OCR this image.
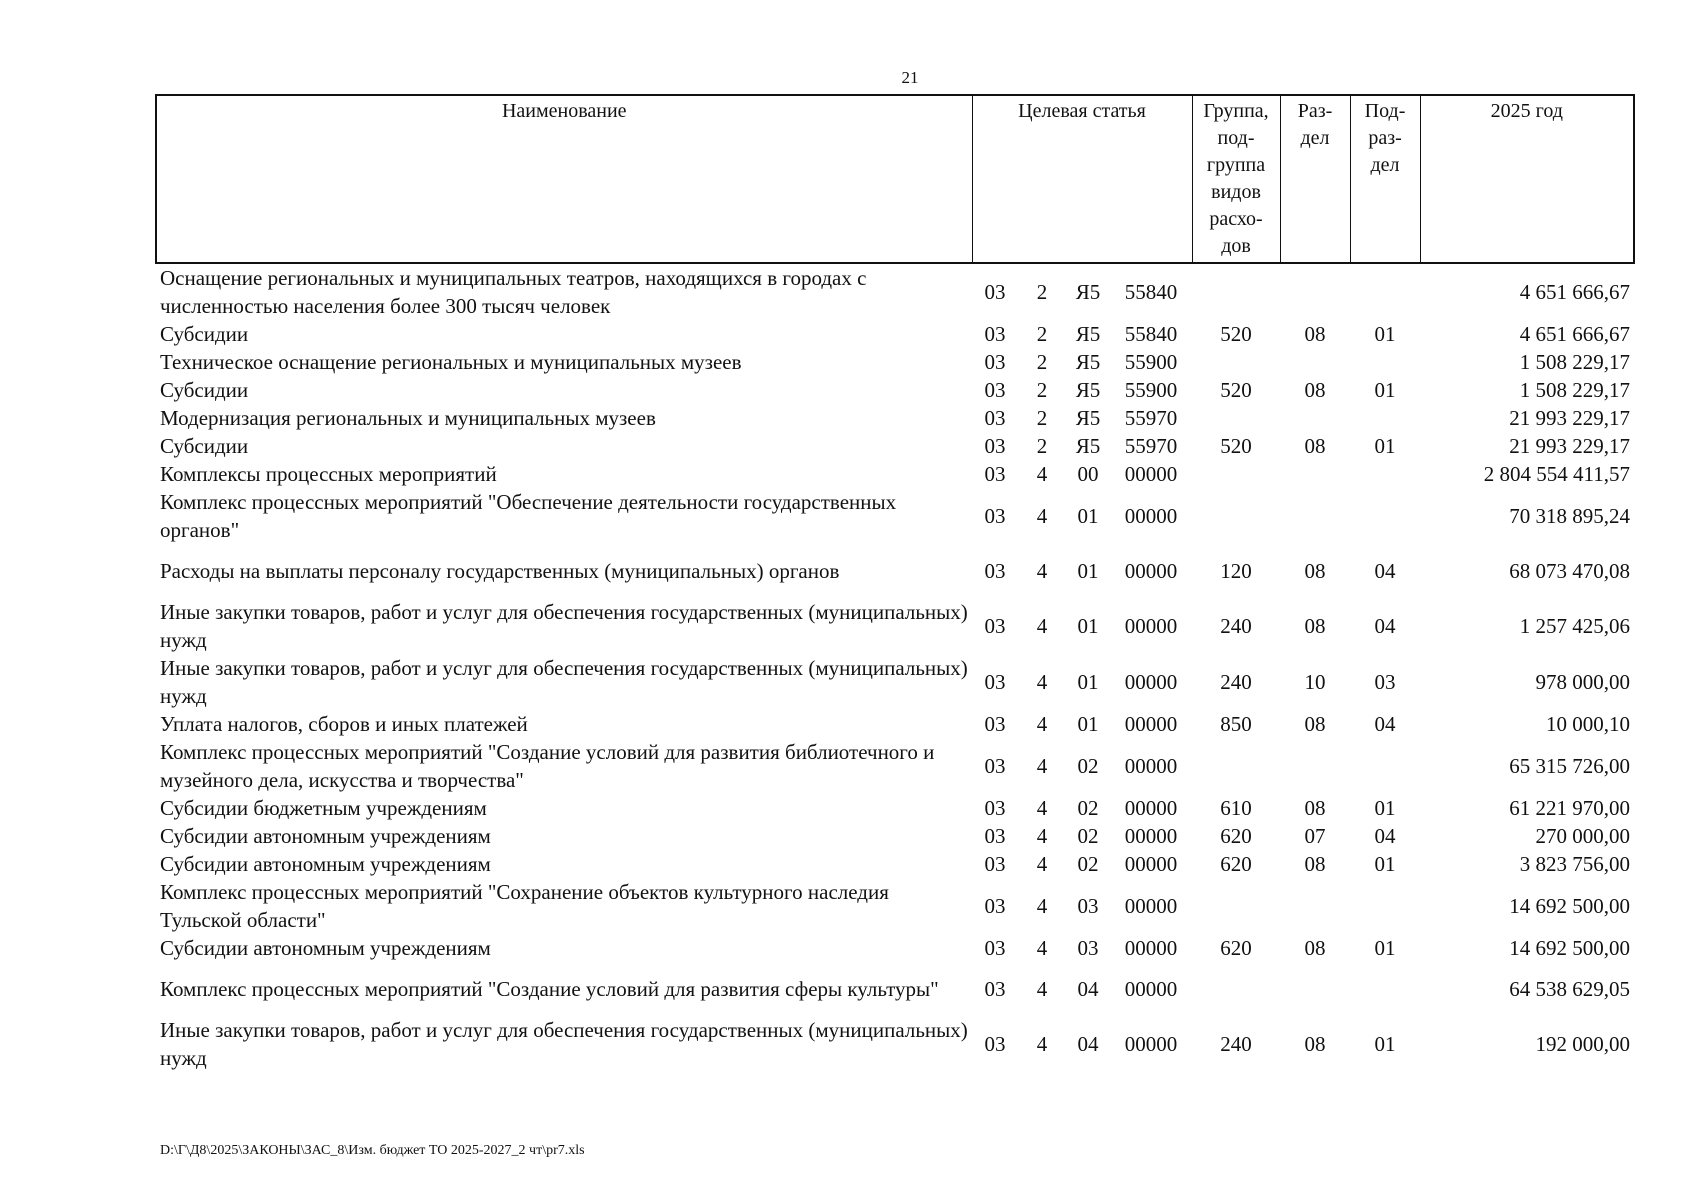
21
Наименование	Целевая статья				Группа, под- группа видов расхо- дов	Раз- дел	Под- раз- дел	2025 год
Оснащение региональных и муниципальных театров, находящихся в городах с численностью населения более 300 тысяч человек	03	2	Я5	55840				4 651 666,67
Субсидии	03	2	Я5	55840	520	08	01	4 651 666,67
Техническое оснащение региональных и муниципальных музеев	03	2	Я5	55900				1 508 229,17
Субсидии	03	2	Я5	55900	520	08	01	1 508 229,17
Модернизация региональных и муниципальных музеев	03	2	Я5	55970				21 993 229,17
Субсидии	03	2	Я5	55970	520	08	01	21 993 229,17
Комплексы процессных мероприятий	03	4	00	00000				2 804 554 411,57
Комплекс процессных мероприятий "Обеспечение деятельности государственных органов"	03	4	01	00000				70 318 895,24
Расходы на выплаты персоналу государственных (муниципальных) органов	03	4	01	00000	120	08	04	68 073 470,08
Иные закупки товаров, работ и услуг для обеспечения государственных (муниципальных) нужд	03	4	01	00000	240	08	04	1 257 425,06
Иные закупки товаров, работ и услуг для обеспечения государственных (муниципальных) нужд	03	4	01	00000	240	10	03	978 000,00
Уплата налогов, сборов и иных платежей	03	4	01	00000	850	08	04	10 000,10
Комплекс процессных мероприятий "Создание условий для развития библиотечного и музейного дела, искусства и творчества"	03	4	02	00000				65 315 726,00
Субсидии бюджетным учреждениям	03	4	02	00000	610	08	01	61 221 970,00
Субсидии автономным учреждениям	03	4	02	00000	620	07	04	270 000,00
Субсидии автономным учреждениям	03	4	02	00000	620	08	01	3 823 756,00
Комплекс процессных мероприятий "Сохранение объектов культурного наследия Тульской области"	03	4	03	00000				14 692 500,00
Субсидии автономным учреждениям	03	4	03	00000	620	08	01	14 692 500,00
Комплекс процессных мероприятий "Создание условий для развития сферы культуры"	03	4	04	00000				64 538 629,05
Иные закупки товаров, работ и услуг для обеспечения государственных (муниципальных) нужд	03	4	04	00000	240	08	01	192 000,00
D:\Г\Д8\2025\ЗАКОНЫ\ЗАС_8\Изм. бюджет ТО 2025-2027_2 чт\pr7.xls
